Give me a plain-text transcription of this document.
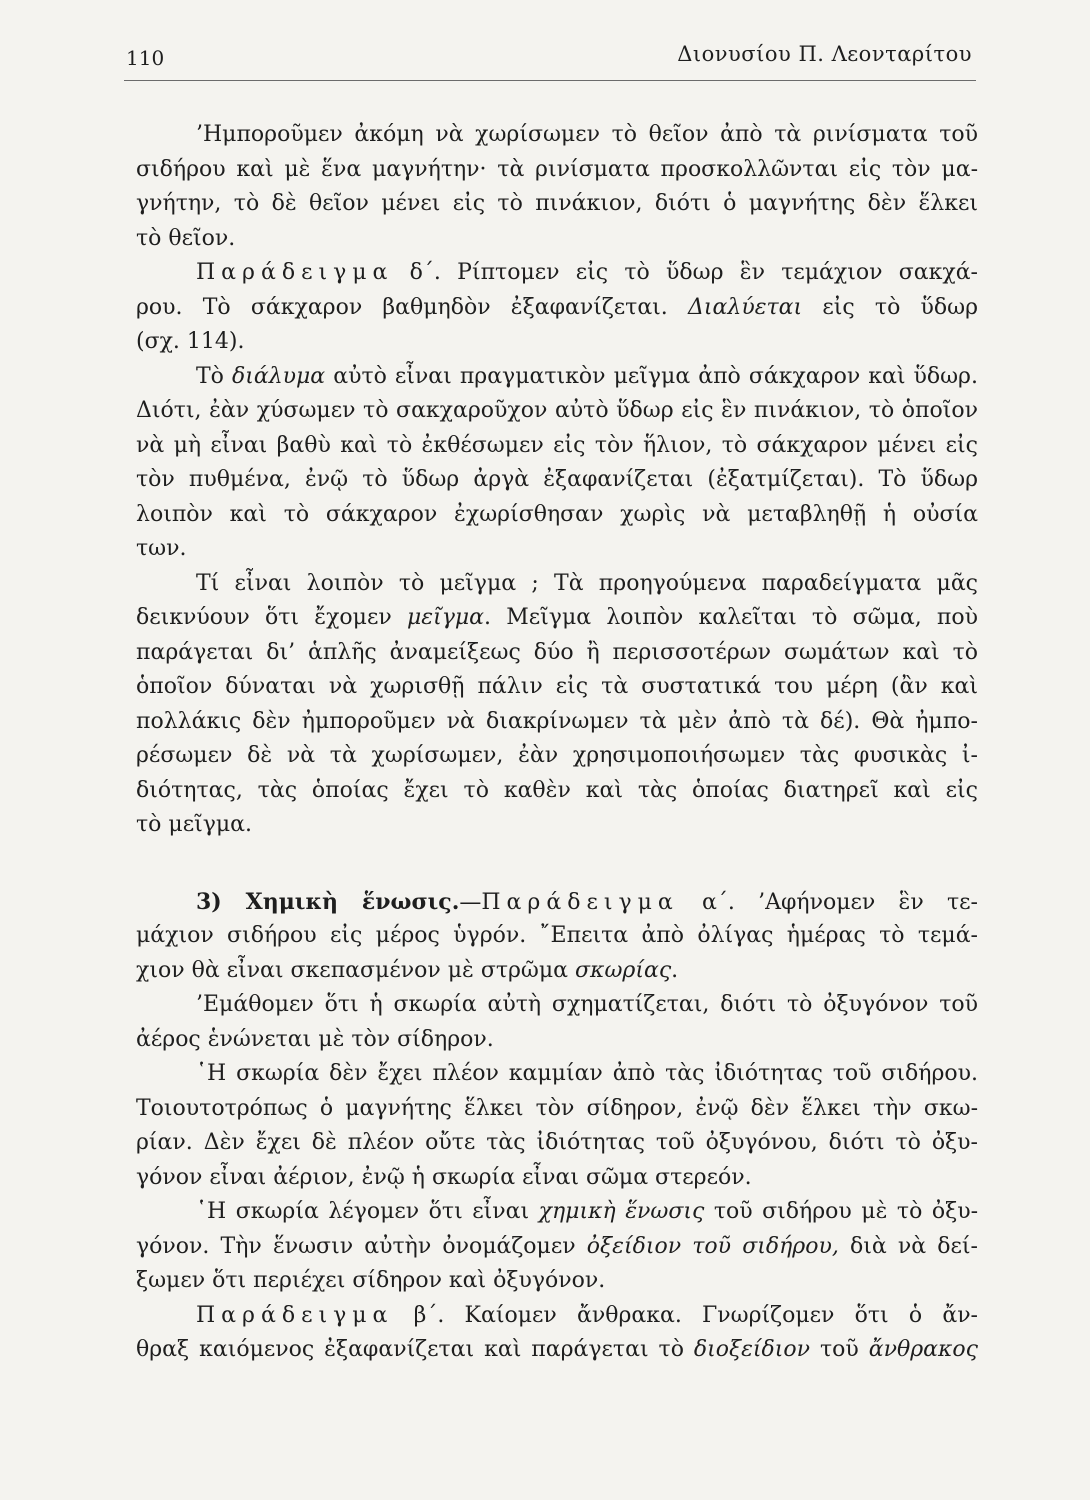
110	Διονυσίου Π. Λεονταρίτου
’Ημποροῦμεν ἀκόμη νὰ χωρίσωμεν τὸ θεῖον ἀπὸ τὰ ρινίσματα τοῦ
σιδήρου καὶ μὲ ἕνα μαγνήτην· τὰ ρινίσματα προσκολλῶνται εἰς τὸν μα-
γνήτην, τὸ δὲ θεῖον μένει εἰς τὸ πινάκιον, διότι ὁ μαγνήτης δὲν ἕλκει
τὸ θεῖον.
Παράδειγμα δ΄. Ρίπτομεν εἰς τὸ ὕδωρ ἓν τεμάχιον σακχά-
ρου. Τὸ σάκχαρον βαθμηδὸν ἐξαφανίζεται. Διαλύεται εἰς τὸ ὕδωρ
(σχ. 114).
Τὸ διάλυμα αὐτὸ εἶναι πραγματικὸν μεῖγμα ἀπὸ σάκχαρον καὶ ὕδωρ.
Διότι, ἐὰν χύσωμεν τὸ σακχαροῦχον αὐτὸ ὕδωρ εἰς ἓν πινάκιον, τὸ ὁποῖον
νὰ μὴ εἶναι βαθὺ καὶ τὸ ἐκθέσωμεν εἰς τὸν ἥλιον, τὸ σάκχαρον μένει εἰς
τὸν πυθμένα, ἐνῷ τὸ ὕδωρ ἀργὰ ἐξαφανίζεται (ἐξατμίζεται). Τὸ ὕδωρ
λοιπὸν καὶ τὸ σάκχαρον ἐχωρίσθησαν χωρὶς νὰ μεταβληθῇ ἡ οὐσία
των.
Τί εἶναι λοιπὸν τὸ μεῖγμα ; Τὰ προηγούμενα παραδείγματα μᾶς
δεικνύουν ὅτι ἔχομεν μεῖγμα. Μεῖγμα λοιπὸν καλεῖται τὸ σῶμα, ποὺ
παράγεται δι’ ἁπλῆς ἀναμείξεως δύο ἢ περισσοτέρων σωμάτων καὶ τὸ
ὁποῖον δύναται νὰ χωρισθῇ πάλιν εἰς τὰ συστατικά του μέρη (ἂν καὶ
πολλάκις δὲν ἠμποροῦμεν νὰ διακρίνωμεν τὰ μὲν ἀπὸ τὰ δέ). Θὰ ἠμπο-
ρέσωμεν δὲ νὰ τὰ χωρίσωμεν, ἐὰν χρησιμοποιήσωμεν τὰς φυσικὰς ἰ-
διότητας, τὰς ὁποίας ἔχει τὸ καθὲν καὶ τὰς ὁποίας διατηρεῖ καὶ εἰς
τὸ μεῖγμα.
3) Χημικὴ ἕνωσις.—Παράδειγμα α΄. ’Αφήνομεν ἓν τε-
μάχιον σιδήρου εἰς μέρος ὑγρόν. ῎Επειτα ἀπὸ ὀλίγας ἡμέρας τὸ τεμά-
χιον θὰ εἶναι σκεπασμένον μὲ στρῶμα σκωρίας.
’Εμάθομεν ὅτι ἡ σκωρία αὐτὴ σχηματίζεται, διότι τὸ ὀξυγόνον τοῦ
ἀέρος ἑνώνεται μὲ τὸν σίδηρον.
῾Η σκωρία δὲν ἔχει πλέον καμμίαν ἀπὸ τὰς ἰδιότητας τοῦ σιδήρου.
Τοιουτοτρόπως ὁ μαγνήτης ἕλκει τὸν σίδηρον, ἐνῷ δὲν ἕλκει τὴν σκω-
ρίαν. Δὲν ἔχει δὲ πλέον οὔτε τὰς ἰδιότητας τοῦ ὀξυγόνου, διότι τὸ ὀξυ-
γόνον εἶναι ἀέριον, ἐνῷ ἡ σκωρία εἶναι σῶμα στερεόν.
῾Η σκωρία λέγομεν ὅτι εἶναι χημικὴ ἕνωσις τοῦ σιδήρου μὲ τὸ ὀξυ-
γόνον. Τὴν ἕνωσιν αὐτὴν ὀνομάζομεν ὀξείδιον τοῦ σιδήρου, διὰ νὰ δεί-
ξωμεν ὅτι περιέχει σίδηρον καὶ ὀξυγόνον.
Παράδειγμα β΄. Καίομεν ἄνθρακα. Γνωρίζομεν ὅτι ὁ ἄν-
θραξ καιόμενος ἐξαφανίζεται καὶ παράγεται τὸ διοξείδιον τοῦ ἄνθρακος
